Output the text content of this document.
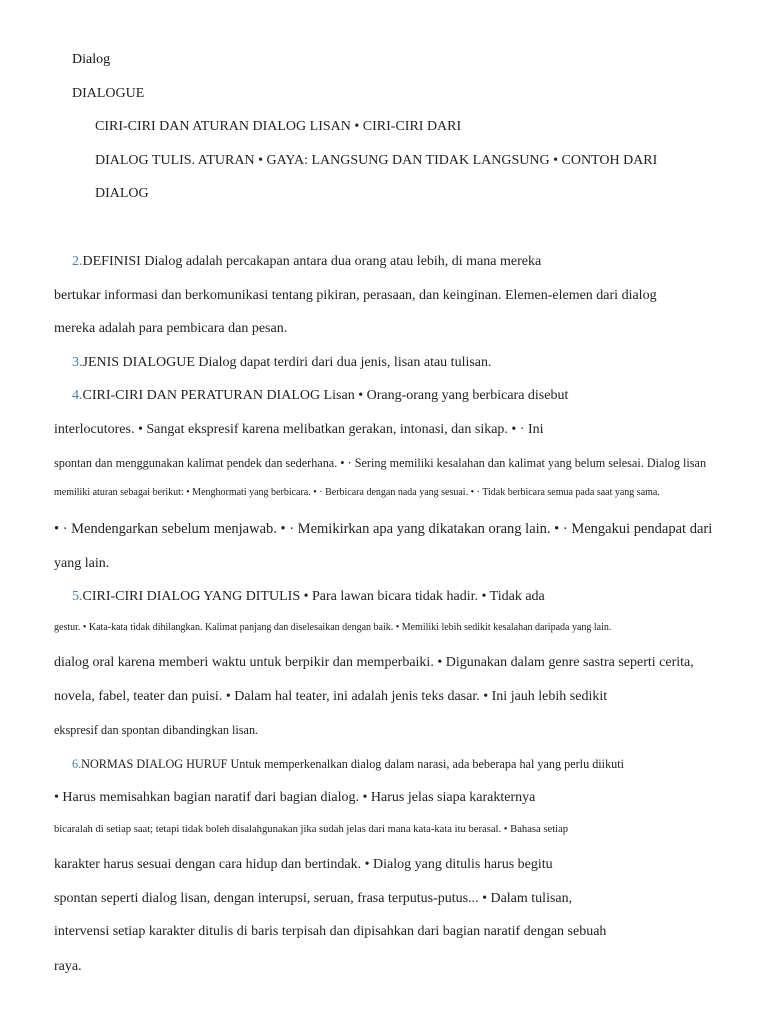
Dialog
DIALOGUE
CIRI-CIRI DAN ATURAN DIALOG LISAN • CIRI-CIRI DARI
DIALOG TULIS. ATURAN • GAYA: LANGSUNG DAN TIDAK LANGSUNG • CONTOH DARI
DIALOG
2.DEFINISI Dialog adalah percakapan antara dua orang atau lebih, di mana mereka
bertukar informasi dan berkomunikasi tentang pikiran, perasaan, dan keinginan. Elemen-elemen dari dialog
mereka adalah para pembicara dan pesan.
3.JENIS DIALOGUE Dialog dapat terdiri dari dua jenis, lisan atau tulisan.
4.CIRI-CIRI DAN PERATURAN DIALOG Lisan • Orang-orang yang berbicara disebut
interlocutores. • Sangat ekspresif karena melibatkan gerakan, intonasi, dan sikap. • · Ini
spontan dan menggunakan kalimat pendek dan sederhana. • · Sering memiliki kesalahan dan kalimat yang belum selesai. Dialog lisan
memiliki aturan sebagai berikut: • Menghormati yang berbicara. • · Berbicara dengan nada yang sesuai. • · Tidak berbicara semua pada saat yang sama.
• · Mendengarkan sebelum menjawab. • · Memikirkan apa yang dikatakan orang lain. • · Mengakui pendapat dari
yang lain.
5.CIRI-CIRI DIALOG YANG DITULIS • Para lawan bicara tidak hadir. • Tidak ada
gestur. • Kata-kata tidak dihilangkan. Kalimat panjang dan diselesaikan dengan baik. • Memiliki lebih sedikit kesalahan daripada yang lain.
dialog oral karena memberi waktu untuk berpikir dan memperbaiki. • Digunakan dalam genre sastra seperti cerita,
novela, fabel, teater dan puisi. • Dalam hal teater, ini adalah jenis teks dasar. • Ini jauh lebih sedikit
ekspresif dan spontan dibandingkan lisan.
6.NORMAS DIALOG HURUF Untuk memperkenalkan dialog dalam narasi, ada beberapa hal yang perlu diikuti
• Harus memisahkan bagian naratif dari bagian dialog. • Harus jelas siapa karakternya
bicaralah di setiap saat; tetapi tidak boleh disalahgunakan jika sudah jelas dari mana kata-kata itu berasal. • Bahasa setiap
karakter harus sesuai dengan cara hidup dan bertindak. • Dialog yang ditulis harus begitu
spontan seperti dialog lisan, dengan interupsi, seruan, frasa terputus-putus... • Dalam tulisan,
intervensi setiap karakter ditulis di baris terpisah dan dipisahkan dari bagian naratif dengan sebuah
raya.
